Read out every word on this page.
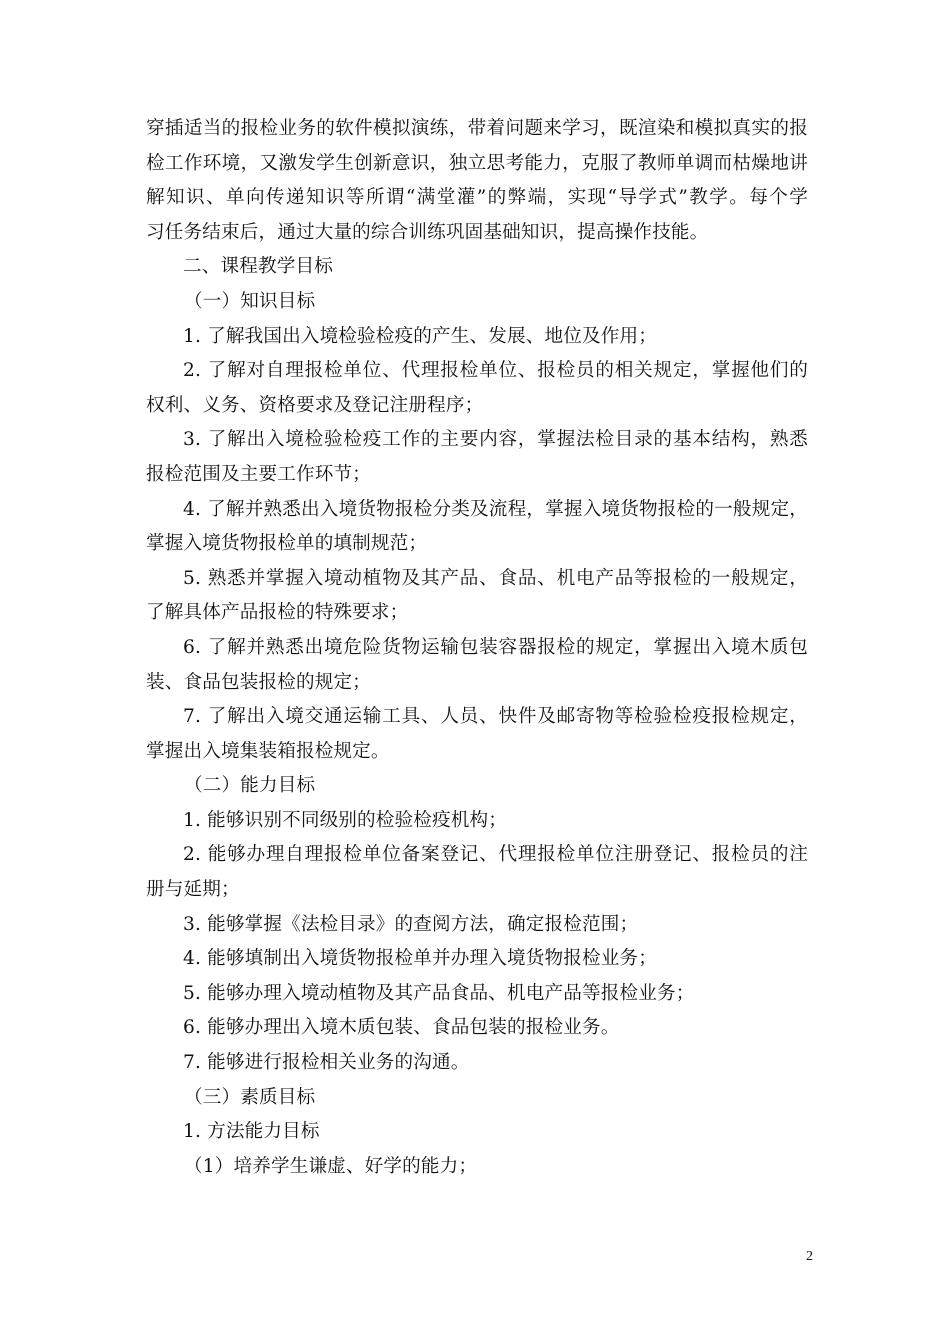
穿插适当的报检业务的软件模拟演练，带着问题来学习，既渲染和模拟真实的报
检工作环境，又激发学生创新意识，独立思考能力，克服了教师单调而枯燥地讲
解知识、单向传递知识等所谓“满堂灌”的弊端，实现“导学式”教学。每个学
习任务结束后，通过大量的综合训练巩固基础知识，提高操作技能。
二、课程教学目标
（一）知识目标
1. 了解我国出入境检验检疫的产生、发展、地位及作用；
2. 了解对自理报检单位、代理报检单位、报检员的相关规定，掌握他们的
权利、义务、资格要求及登记注册程序；
3. 了解出入境检验检疫工作的主要内容，掌握法检目录的基本结构，熟悉
报检范围及主要工作环节；
4. 了解并熟悉出入境货物报检分类及流程，掌握入境货物报检的一般规定，
掌握入境货物报检单的填制规范；
5. 熟悉并掌握入境动植物及其产品、食品、机电产品等报检的一般规定，
了解具体产品报检的特殊要求；
6. 了解并熟悉出境危险货物运输包装容器报检的规定，掌握出入境木质包
装、食品包装报检的规定；
7. 了解出入境交通运输工具、人员、快件及邮寄物等检验检疫报检规定，
掌握出入境集装箱报检规定。
（二）能力目标
1. 能够识别不同级别的检验检疫机构；
2. 能够办理自理报检单位备案登记、代理报检单位注册登记、报检员的注
册与延期；
3. 能够掌握《法检目录》的查阅方法，确定报检范围；
4. 能够填制出入境货物报检单并办理入境货物报检业务；
5. 能够办理入境动植物及其产品食品、机电产品等报检业务；
6. 能够办理出入境木质包装、食品包装的报检业务。
7. 能够进行报检相关业务的沟通。
（三）素质目标
1. 方法能力目标
（1）培养学生谦虚、好学的能力；
2
